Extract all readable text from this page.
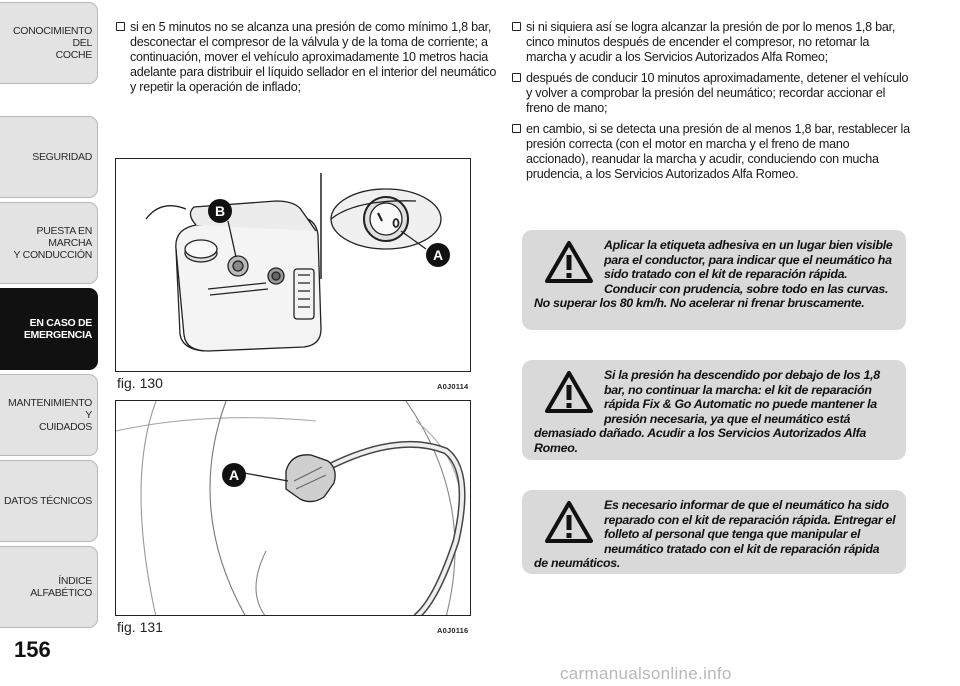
CONOCIMIENTO DEL
COCHE
SEGURIDAD
PUESTA EN MARCHA
Y CONDUCCIÓN
EN CASO DE
EMERGENCIA
MANTENIMIENTO Y
CUIDADOS
DATOS TÉCNICOS
ÍNDICE ALFABÉTICO
156
si en 5 minutos no se alcanza una presión de como mínimo 1,8 bar, desconectar el compresor de la válvula y de la toma de corriente; a continuación, mover el vehículo aproximadamente 10 metros hacia adelante para distribuir el líquido sellador en el interior del neumático y repetir la operación de inflado;
B
A
fig. 130	A0J0114
A
fig. 131	A0J0116
si ni siquiera así se logra alcanzar la presión de por lo menos 1,8 bar, cinco minutos después de encender el compresor, no retomar la marcha y acudir a los Servicios Autorizados Alfa Romeo;
después de conducir 10 minutos aproximadamente, detener el vehículo y volver a comprobar la presión del neumático; recordar accionar el freno de mano;
en cambio, si se detecta una presión de al menos 1,8 bar, restablecer la presión correcta (con el motor en marcha y el freno de mano accionado), reanudar la marcha y acudir, conduciendo con mucha prudencia, a los Servicios Autorizados Alfa Romeo.
Aplicar la etiqueta adhesiva en un lugar bien visible para el conductor, para indicar que el neumático ha sido tratado con el kit de reparación rápida. Conducir con prudencia, sobre todo en las curvas. No superar los 80 km/h. No acelerar ni frenar bruscamente.
Si la presión ha descendido por debajo de los 1,8 bar, no continuar la marcha: el kit de reparación rápida Fix & Go Automatic no puede mantener la presión necesaria, ya que el neumático está demasiado dañado. Acudir a los Servicios Autorizados Alfa Romeo.
Es necesario informar de que el neumático ha sido reparado con el kit de reparación rápida. Entregar el folleto al personal que tenga que manipular el neumático tratado con el kit de reparación rápida de neumáticos.
carmanualsonline.info
